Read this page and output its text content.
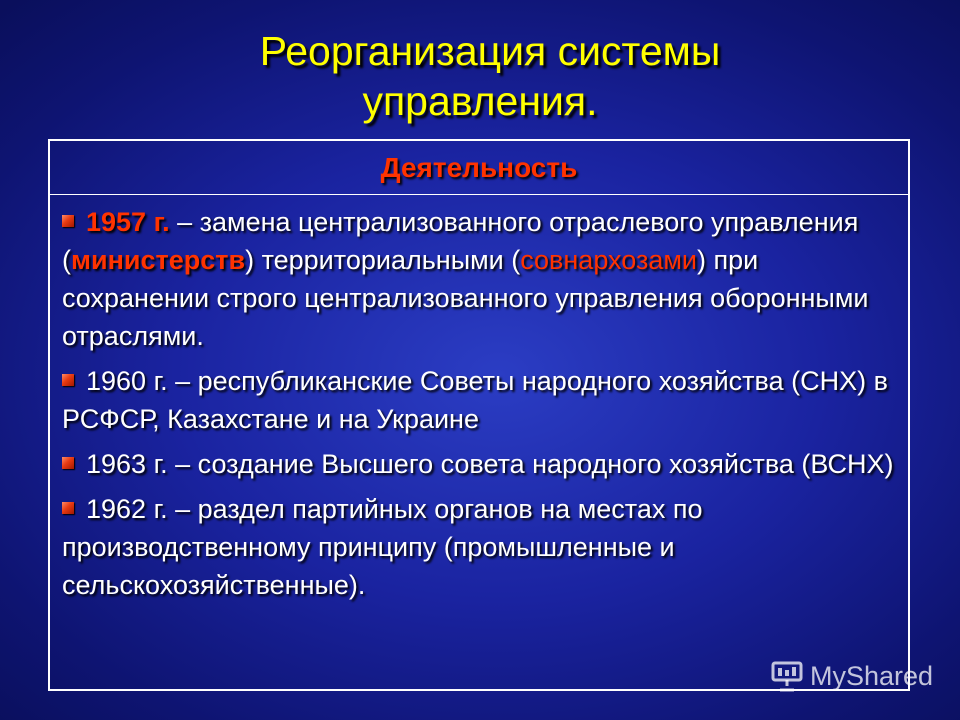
Реорганизация системы
управления.
Деятельность
1957 г. – замена централизованного отраслевого управления (министерств) территориальными (совнархозами) при сохранении строго централизованного управления оборонными отраслями.
1960 г. – республиканские Советы народного хозяйства (СНХ) в РСФСР, Казахстане и на Украине
1963 г. – создание Высшего совета народного хозяйства (ВСНХ)
1962 г. – раздел партийных органов на местах по производственному принципу (промышленные и сельскохозяйственные).
MyShared
